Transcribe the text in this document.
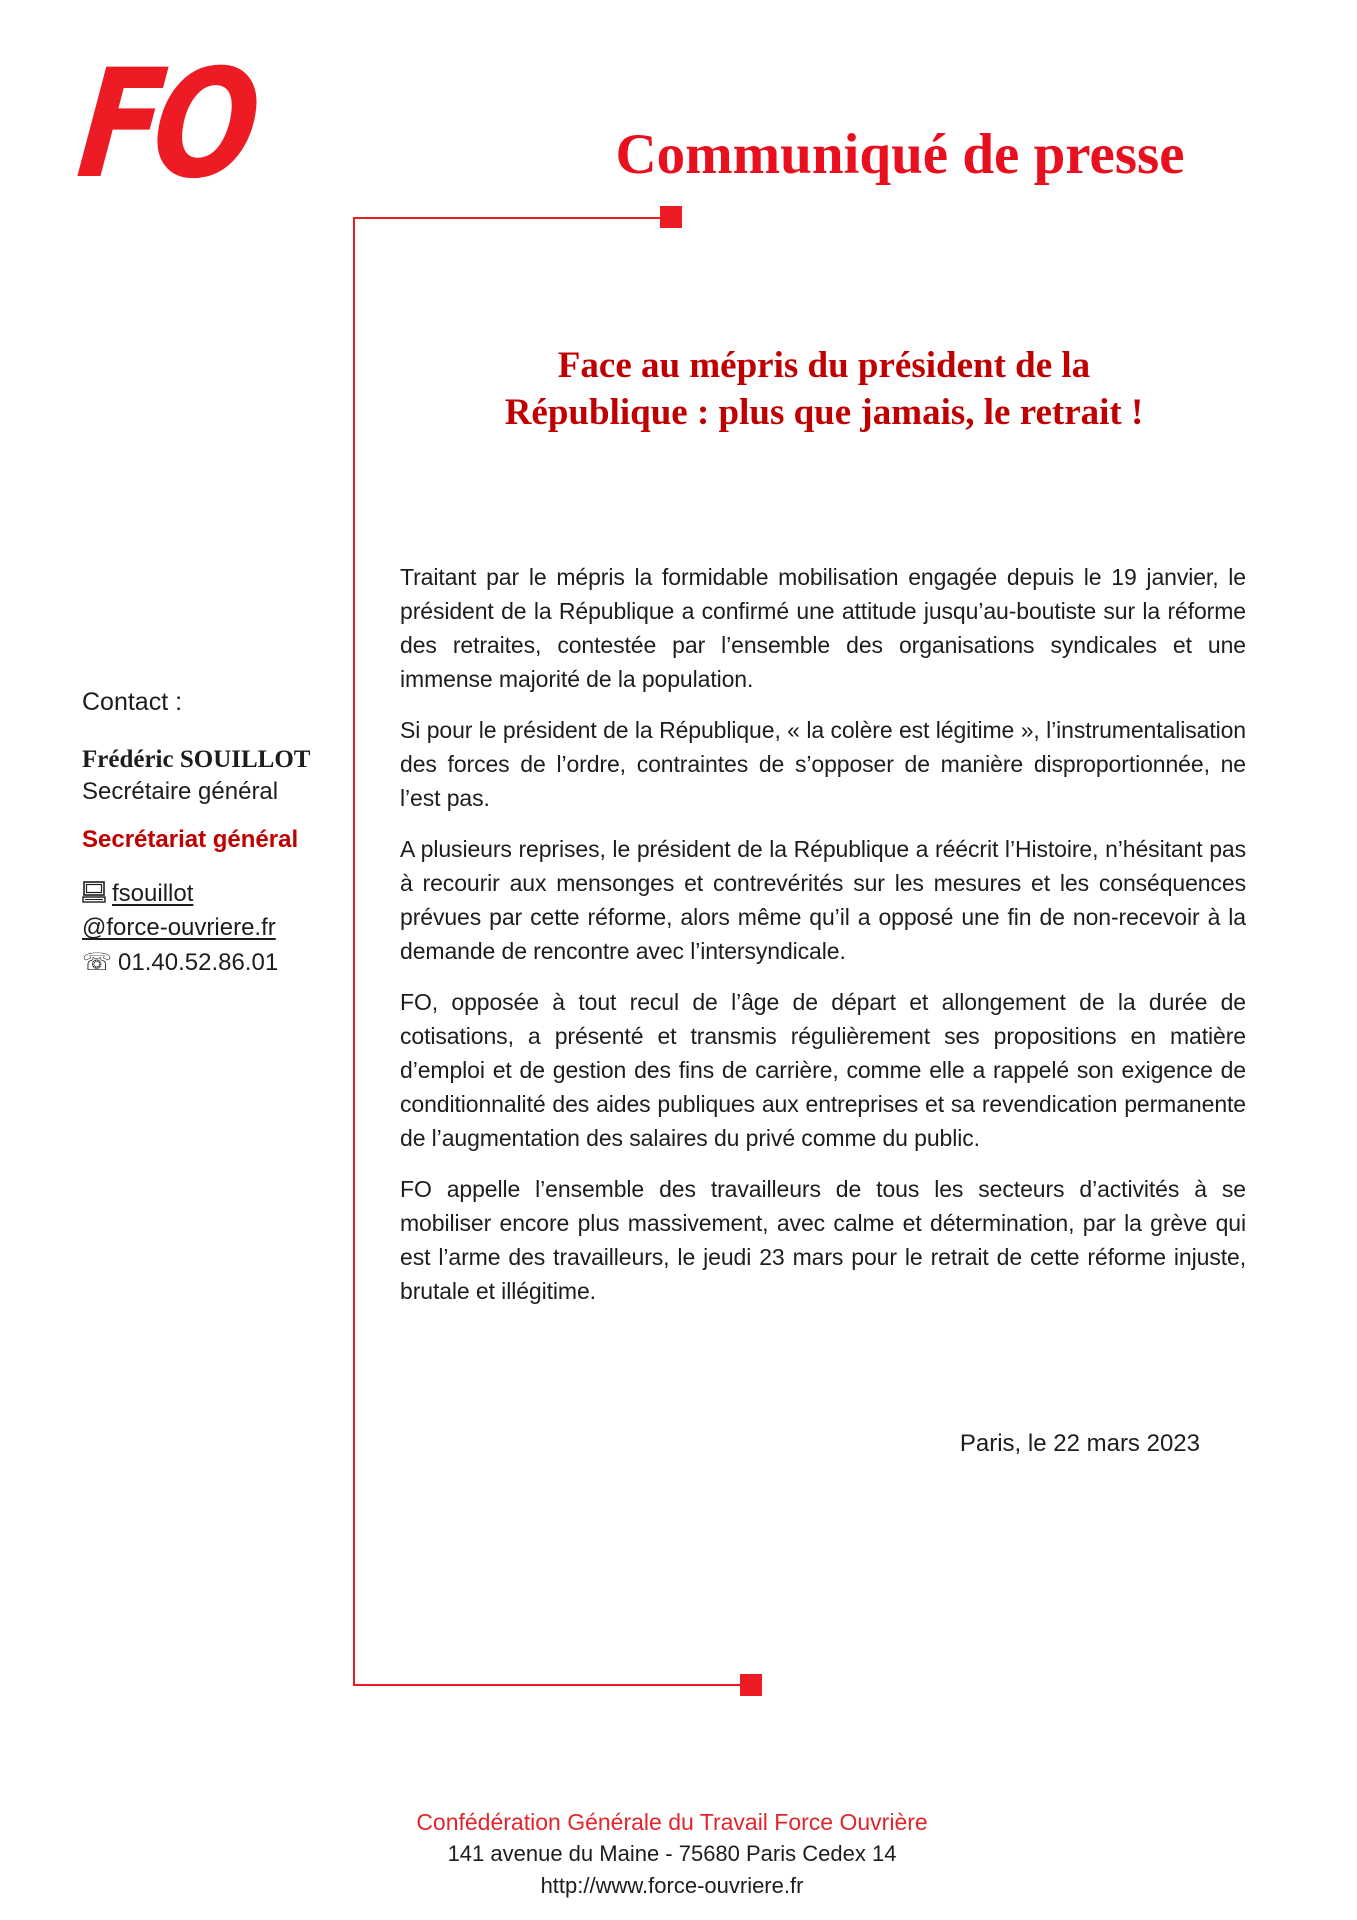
FO	Communiqué de presse
Face au mépris du président de la
République : plus que jamais, le retrait !
Contact :
Frédéric SOUILLOT
Secrétaire général
Secrétariat général
fsouillot
@force-ouvriere.fr
☏ 01.40.52.86.01

Traitant par le mépris la formidable mobilisation engagée depuis le 19 janvier, le président de la République a confirmé une attitude jusqu’au-boutiste sur la réforme des retraites, contestée par l’ensemble des organisations syndicales et une immense majorité de la population.

Si pour le président de la République, « la colère est légitime », l’instrumentalisation des forces de l’ordre, contraintes de s’opposer de manière disproportionnée, ne l’est pas.

A plusieurs reprises, le président de la République a réécrit l’Histoire, n’hésitant pas à recourir aux mensonges et contrevérités sur les mesures et les conséquences prévues par cette réforme, alors même qu’il a opposé une fin de non-recevoir à la demande de rencontre avec l’intersyndicale.

FO, opposée à tout recul de l’âge de départ et allongement de la durée de cotisations, a présenté et transmis régulièrement ses propositions en matière d’emploi et de gestion des fins de carrière, comme elle a rappelé son exigence de conditionnalité des aides publiques aux entreprises et sa revendication permanente de l’augmentation des salaires du privé comme du public.

FO appelle l’ensemble des travailleurs de tous les secteurs d’activités à se mobiliser encore plus massivement, avec calme et détermination, par la grève qui est l’arme des travailleurs, le jeudi 23 mars pour le retrait de cette réforme injuste, brutale et illégitime.

Paris, le 22 mars 2023
Confédération Générale du Travail Force Ouvrière
141 avenue du Maine - 75680 Paris Cedex 14
http://www.force-ouvriere.fr
